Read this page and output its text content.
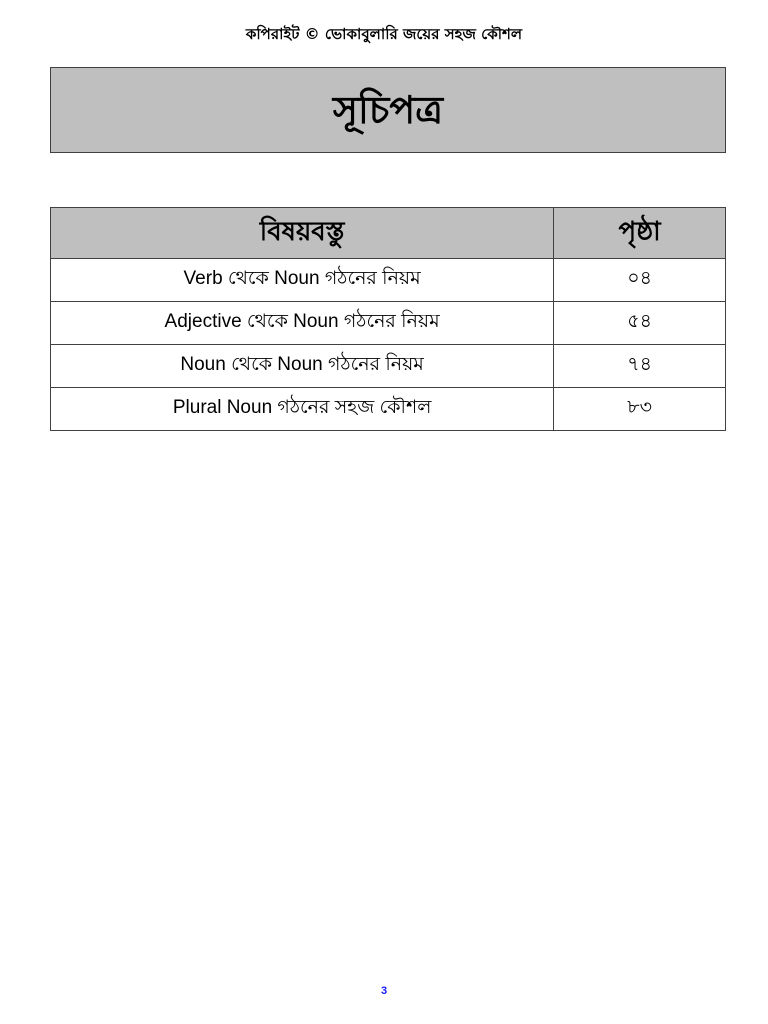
কপিরাইট © ভোকাবুলারি জয়ের সহজ কৌশল
সূচিপত্র
বিষয়বস্তু	পৃষ্ঠা
Verb থেকে Noun গঠনের নিয়ম	০৪
Adjective থেকে Noun গঠনের নিয়ম	৫৪
Noun থেকে Noun গঠনের নিয়ম	৭৪
Plural Noun গঠনের সহজ কৌশল	৮৩
3
